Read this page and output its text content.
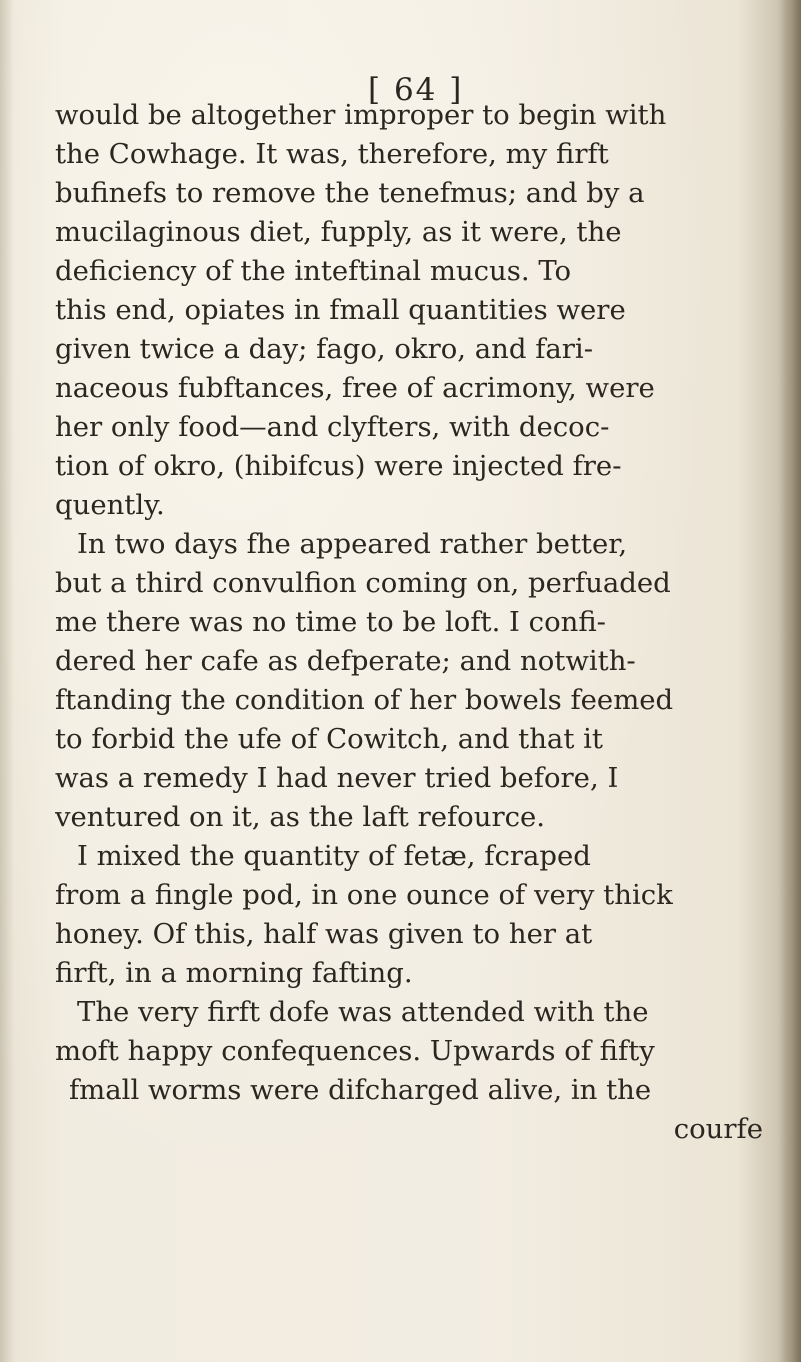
[ 64 ]
would be altogether improper to begin with
the Cowhage. It was, therefore, my firft
bufinefs to remove the tenefmus; and by a
mucilaginous diet, fupply, as it were, the
deficiency of the inteftinal mucus. To
this end, opiates in fmall quantities were
given twice a day; fago, okro, and fari-
naceous fubftances, free of acrimony, were
her only food—and clyfters, with decoc-
tion of okro, (hibifcus) were injected fre-
quently.
In two days fhe appeared rather better,
but a third convulfion coming on, perfuaded
me there was no time to be loft. I confi-
dered her cafe as defperate; and notwith-
ftanding the condition of her bowels feemed
to forbid the ufe of Cowitch, and that it
was a remedy I had never tried before, I
ventured on it, as the laft refource.
I mixed the quantity of fetæ, fcraped
from a fingle pod, in one ounce of very thick
honey. Of this, half was given to her at
firft, in a morning fafting.
The very firft dofe was attended with the
moft happy confequences. Upwards of fifty
fmall worms were difcharged alive, in the
courfe
